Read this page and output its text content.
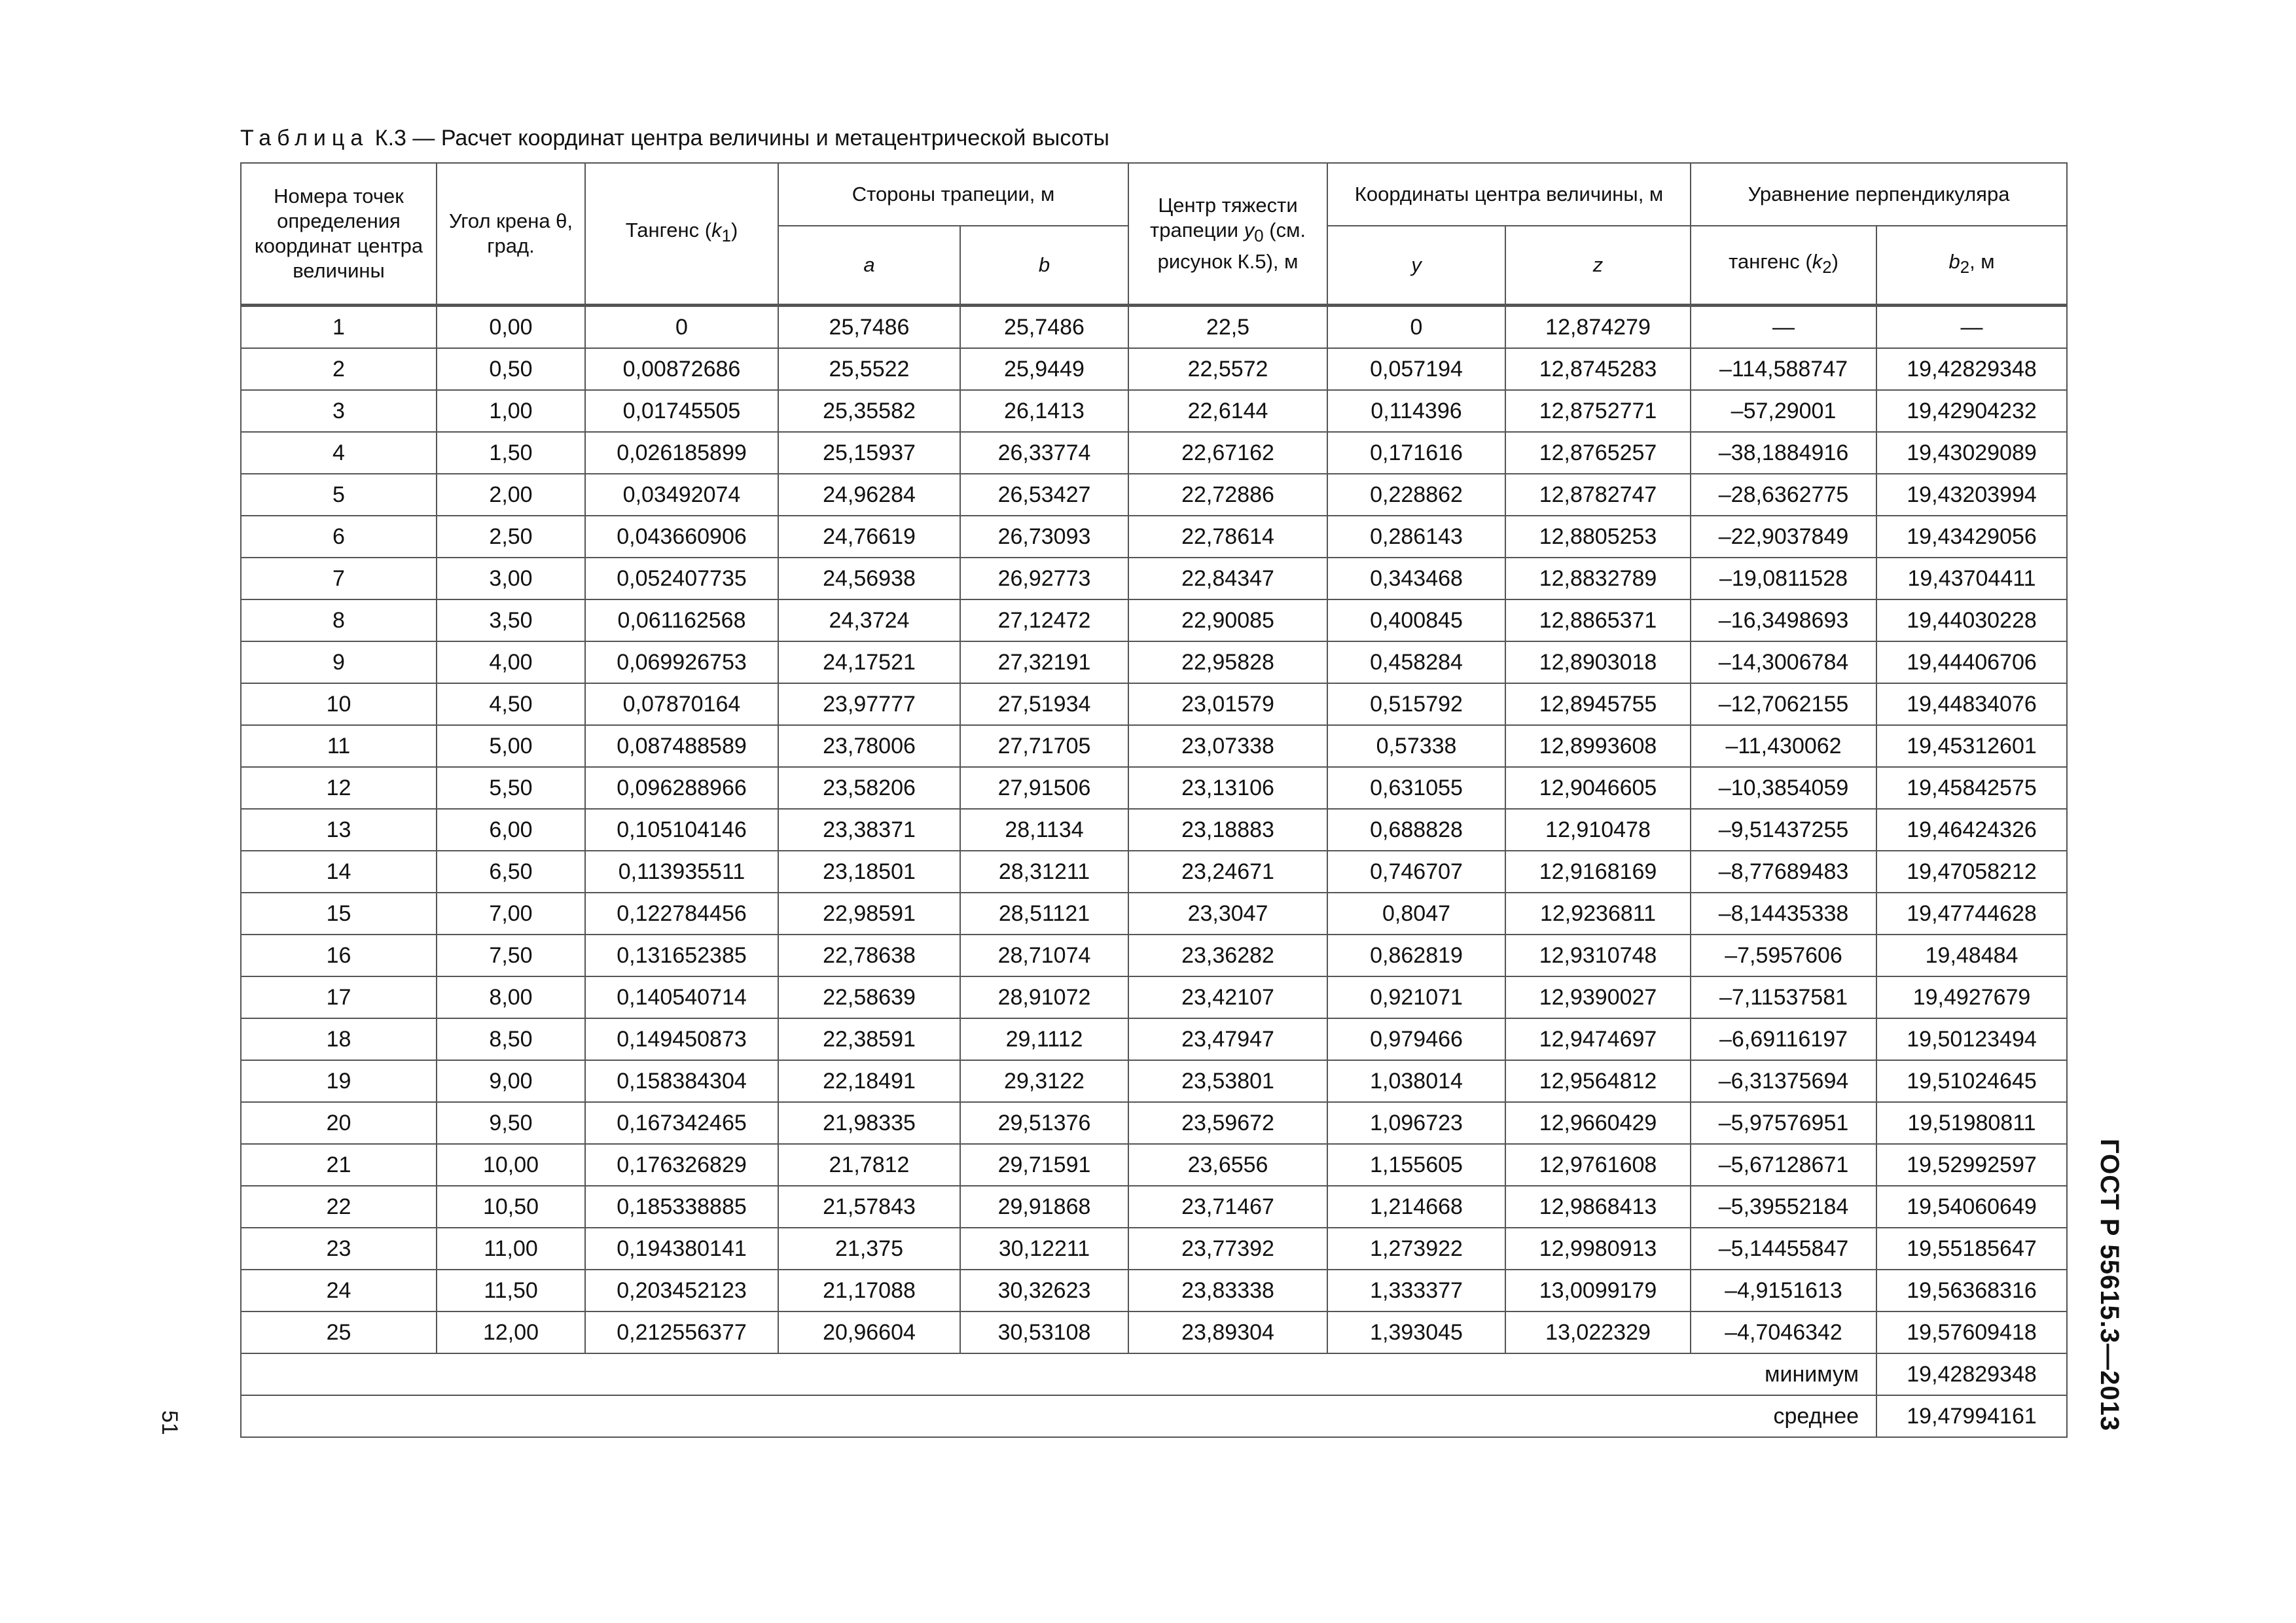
Таблица К.3 — Расчет координат центра величины и метацентрической высоты
Номера точек определения координат центра величины	Угол крена θ, град.	Тангенс $(k_1)$	Стороны трапеции, м		Центр тяжести трапеции $y_0$ (см. рисунок К.5), м	Координаты центра величины, м		Уравнение перпендикуляра	
			a	b		y	z	тангенс $(k_2)$	$b_2$, м
1	0,00	0	25,7486	25,7486	22,5	0	12,874279	—	—
2	0,50	0,00872686	25,5522	25,9449	22,5572	0,057194	12,8745283	–114,588747	19,42829348
3	1,00	0,01745505	25,35582	26,1413	22,6144	0,114396	12,8752771	–57,29001	19,42904232
4	1,50	0,026185899	25,15937	26,33774	22,67162	0,171616	12,8765257	–38,1884916	19,43029089
5	2,00	0,03492074	24,96284	26,53427	22,72886	0,228862	12,8782747	–28,6362775	19,43203994
6	2,50	0,043660906	24,76619	26,73093	22,78614	0,286143	12,8805253	–22,9037849	19,43429056
7	3,00	0,052407735	24,56938	26,92773	22,84347	0,343468	12,8832789	–19,0811528	19,43704411
8	3,50	0,061162568	24,3724	27,12472	22,90085	0,400845	12,8865371	–16,3498693	19,44030228
9	4,00	0,069926753	24,17521	27,32191	22,95828	0,458284	12,8903018	–14,3006784	19,44406706
10	4,50	0,07870164	23,97777	27,51934	23,01579	0,515792	12,8945755	–12,7062155	19,44834076
11	5,00	0,087488589	23,78006	27,71705	23,07338	0,57338	12,8993608	–11,430062	19,45312601
12	5,50	0,096288966	23,58206	27,91506	23,13106	0,631055	12,9046605	–10,3854059	19,45842575
13	6,00	0,105104146	23,38371	28,1134	23,18883	0,688828	12,910478	–9,51437255	19,46424326
14	6,50	0,113935511	23,18501	28,31211	23,24671	0,746707	12,9168169	–8,77689483	19,47058212
15	7,00	0,122784456	22,98591	28,51121	23,3047	0,8047	12,9236811	–8,14435338	19,47744628
16	7,50	0,131652385	22,78638	28,71074	23,36282	0,862819	12,9310748	–7,5957606	19,48484
17	8,00	0,140540714	22,58639	28,91072	23,42107	0,921071	12,9390027	–7,11537581	19,4927679
18	8,50	0,149450873	22,38591	29,1112	23,47947	0,979466	12,9474697	–6,69116197	19,50123494
19	9,00	0,158384304	22,18491	29,3122	23,53801	1,038014	12,9564812	–6,31375694	19,51024645
20	9,50	0,167342465	21,98335	29,51376	23,59672	1,096723	12,9660429	–5,97576951	19,51980811
21	10,00	0,176326829	21,7812	29,71591	23,6556	1,155605	12,9761608	–5,67128671	19,52992597
22	10,50	0,185338885	21,57843	29,91868	23,71467	1,214668	12,9868413	–5,39552184	19,54060649
23	11,00	0,194380141	21,375	30,12211	23,77392	1,273922	12,9980913	–5,14455847	19,55185647
24	11,50	0,203452123	21,17088	30,32623	23,83338	1,333377	13,0099179	–4,9151613	19,56368316
25	12,00	0,212556377	20,96604	30,53108	23,89304	1,393045	13,022329	–4,7046342	19,57609418
минимум									19,42829348
среднее									19,47994161 ГОСТ Р 55615.3—2013
51
